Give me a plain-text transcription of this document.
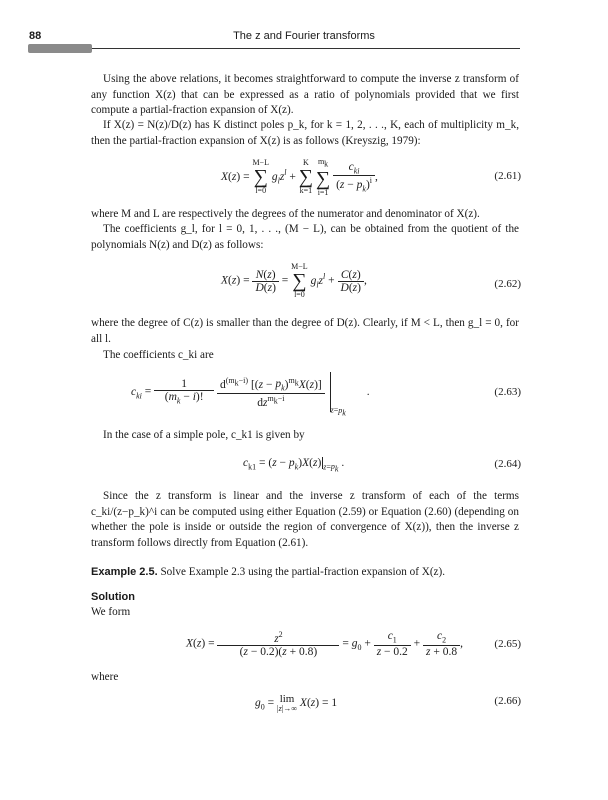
88	The z and Fourier transforms

Using the above relations, it becomes straightforward to compute the inverse z transform of any function X(z) that can be expressed as a ratio of polynomials provided that we first compute a partial-fraction expansion of X(z).

If X(z) = N(z)/D(z) has K distinct poles p_k, for k = 1, 2, . . ., K, each of multiplicity m_k, then the partial-fraction expansion of X(z) is as follows (Kreyszig, 1979):

X(z) =
M−L
∑
l=0
$g_lz^l$ +
K
∑
k=1

$m_k$
∑
i=1
$\frac{c_{ki}}{(z - p_k)^i}$ ,	(2.61)

where M and L are respectively the degrees of the numerator and denominator of X(z).

The coefficients g_l, for l = 0, 1, . . ., (M − L), can be obtained from the quotient of the polynomials N(z) and D(z) as follows:

$X(z) = \frac{N(z)}{D(z)}$ =
M−L
∑
l=0
$g_lz^l + \frac{C(z)}{D(z)}$ ,	(2.62)

where the degree of C(z) is smaller than the degree of D(z). Clearly, if M < L, then g_l = 0, for all l.

The coefficients c_ki are

$c_{ki} = \frac{1}{(m_k - i)!}$
$\frac{d^{(m_k-i)} [(z - p_k)^{m_k}X(z)]}{dz^{m_k-i}}$
$_{z=p_k}$ .	(2.63)

In the case of a simple pole, c_k1 is given by

$c_{k1} = (z - p_k)X(z)$ $_{z=p_k}$ .	(2.64)

Since the z transform is linear and the inverse z transform of each of the terms c_ki/(z−p_k)^i can be computed using either Equation (2.59) or Equation (2.60) (depending on whether the pole is inside or outside the region of convergence of X(z)), then the inverse z transform follows directly from Equation (2.61).

Example 2.5. Solve Example 2.3 using the partial-fraction expansion of X(z).
Solution

We form

$X(z) = \frac{z^2}{(z - 0.2)(z + 0.8)} = g_0 + \frac{c_1}{z - 0.2} + \frac{c_2}{z + 0.8}$ ,	(2.65)

where

$g_0 = \lim$
|z|→∞ X(z) = 1	(2.66)
